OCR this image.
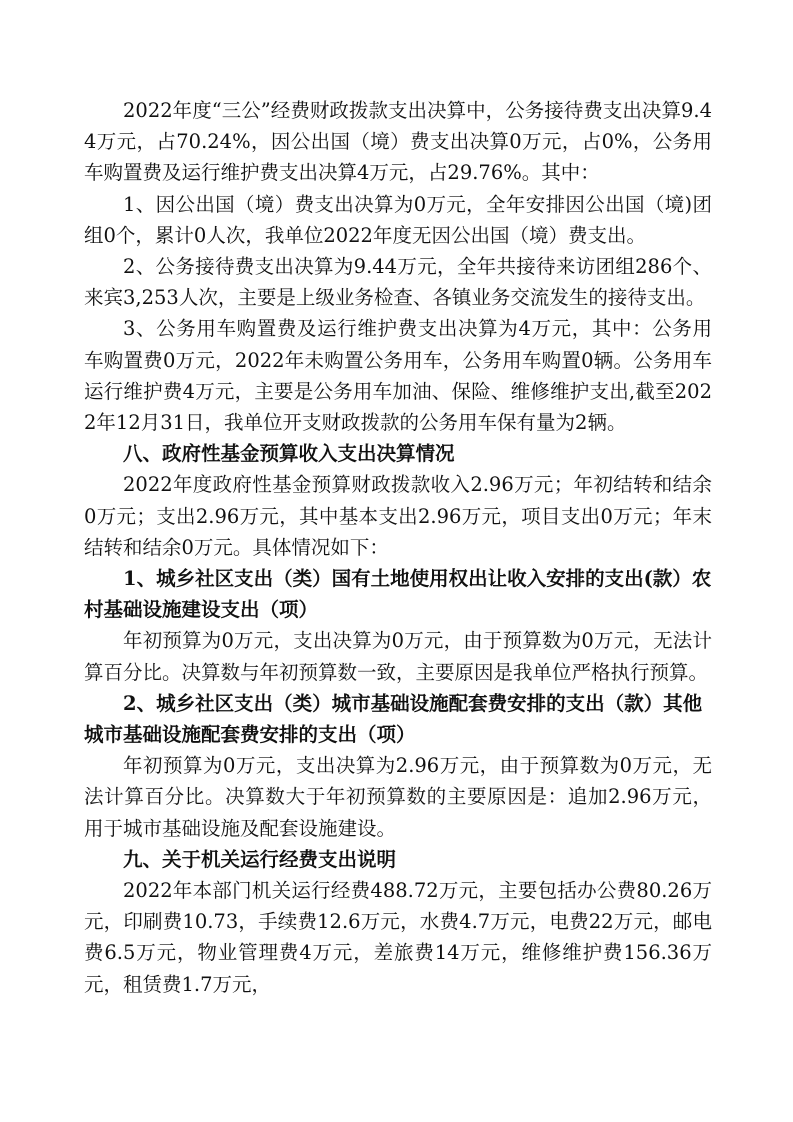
2022年度“三公”经费财政拨款支出决算中，公务接待费支出决算9.44万元，占70.24%，因公出国（境）费支出决算0万元，占0%，公务用车购置费及运行维护费支出决算4万元，占29.76%。其中：

1、因公出国（境）费支出决算为0万元，全年安排因公出国（境)团组0个，累计0人次，我单位2022年度无因公出国（境）费支出。

2、公务接待费支出决算为9.44万元，全年共接待来访团组286个、来宾3,253人次，主要是上级业务检查、各镇业务交流发生的接待支出。

3、公务用车购置费及运行维护费支出决算为4万元，其中：公务用车购置费0万元，2022年未购置公务用车，公务用车购置0辆。公务用车运行维护费4万元，主要是公务用车加油、保险、维修维护支出,截至2022年12月31日，我单位开支财政拨款的公务用车保有量为2辆。

八、政府性基金预算收入支出决算情况

2022年度政府性基金预算财政拨款收入2.96万元；年初结转和结余0万元；支出2.96万元，其中基本支出2.96万元，项目支出0万元；年末结转和结余0万元。具体情况如下：

1、城乡社区支出（类）国有土地使用权出让收入安排的支出(款）农村基础设施建设支出（项）

年初预算为0万元，支出决算为0万元，由于预算数为0万元，无法计算百分比。决算数与年初预算数一致，主要原因是我单位严格执行预算。

2、城乡社区支出（类）城市基础设施配套费安排的支出（款）其他城市基础设施配套费安排的支出（项）

年初预算为0万元，支出决算为2.96万元，由于预算数为0万元，无法计算百分比。决算数大于年初预算数的主要原因是：追加2.96万元，用于城市基础设施及配套设施建设。

九、关于机关运行经费支出说明

2022年本部门机关运行经费488.72万元，主要包括办公费80.26万元，印刷费10.73，手续费12.6万元，水费4.7万元，电费22万元，邮电费6.5万元，物业管理费4万元，差旅费14万元，维修维护费156.36万元，租赁费1.7万元，
